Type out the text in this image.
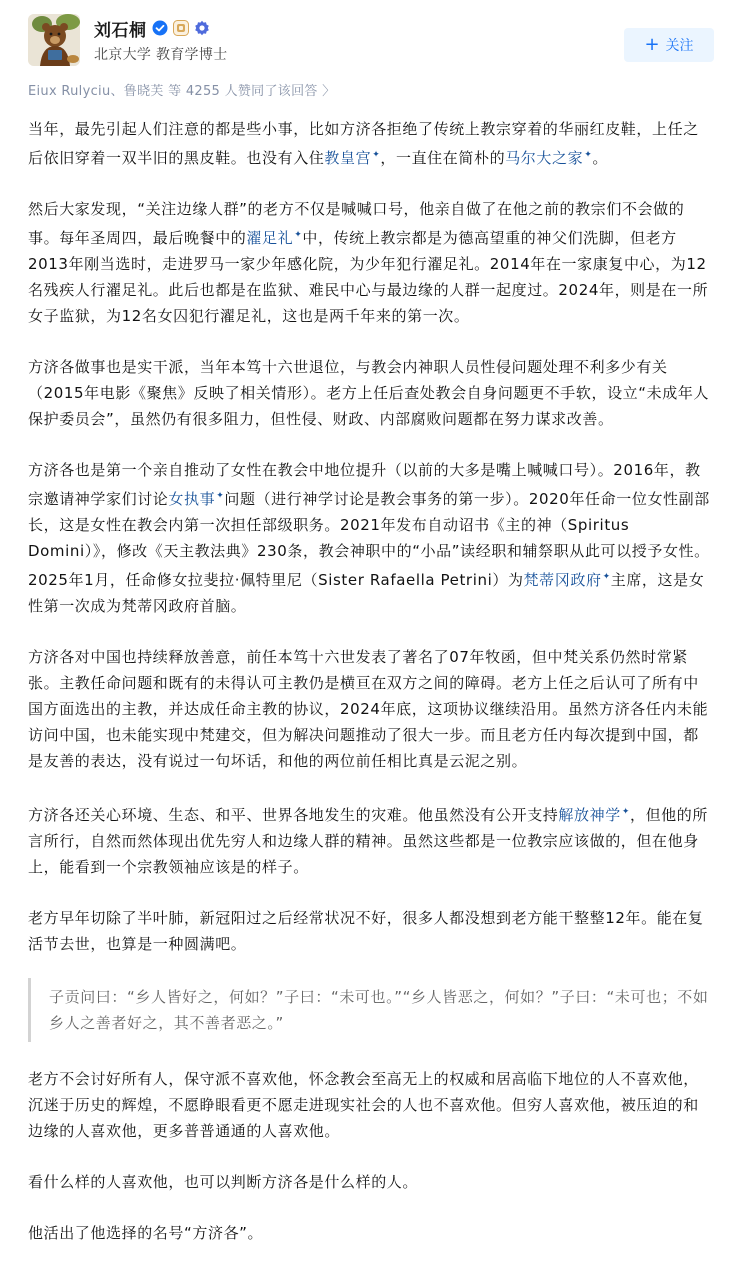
刘石桐
北京大学 教育学博士	+ 关注
Eiux Rulyciu、鲁晓芙 等 4255 人赞同了该回答 〉

当年，最先引起人们注意的都是些小事，比如方济各拒绝了传统上教宗穿着的华丽红皮鞋，上任之后依旧穿着一双半旧的黑皮鞋。也没有入住教皇宫✦，一直住在简朴的马尔大之家✦。

然后大家发现，“关注边缘人群”的老方不仅是喊喊口号，他亲自做了在他之前的教宗们不会做的事。每年圣周四，最后晚餐中的濯足礼✦中，传统上教宗都是为德高望重的神父们洗脚，但老方2013年刚当选时，走进罗马一家少年感化院，为少年犯行濯足礼。2014年在一家康复中心，为12名残疾人行濯足礼。此后也都是在监狱、难民中心与最边缘的人群一起度过。2024年，则是在一所女子监狱，为12名女囚犯行濯足礼，这也是两千年来的第一次。

方济各做事也是实干派，当年本笃十六世退位，与教会内神职人员性侵问题处理不利多少有关（2015年电影《聚焦》反映了相关情形）。老方上任后查处教会自身问题更不手软，设立“未成年人保护委员会”，虽然仍有很多阻力，但性侵、财政、内部腐败问题都在努力谋求改善。

方济各也是第一个亲自推动了女性在教会中地位提升（以前的大多是嘴上喊喊口号）。2016年，教宗邀请神学家们讨论女执事✦问题（进行神学讨论是教会事务的第一步）。2020年任命一位女性副部长，这是女性在教会内第一次担任部级职务。2021年发布自动诏书《主的神（Spiritus Domini）》，修改《天主教法典》230条，教会神职中的“小品”读经职和辅祭职从此可以授予女性。2025年1月，任命修女拉斐拉·佩特里尼（Sister Rafaella Petrini）为梵蒂冈政府✦主席，这是女性第一次成为梵蒂冈政府首脑。

方济各对中国也持续释放善意，前任本笃十六世发表了著名了07年牧函，但中梵关系仍然时常紧张。主教任命问题和既有的未得认可主教仍是横亘在双方之间的障碍。老方上任之后认可了所有中国方面选出的主教，并达成任命主教的协议，2024年底，这项协议继续沿用。虽然方济各任内未能访问中国，也未能实现中梵建交，但为解决问题推动了很大一步。而且老方任内每次提到中国，都是友善的表达，没有说过一句坏话，和他的两位前任相比真是云泥之别。

方济各还关心环境、生态、和平、世界各地发生的灾难。他虽然没有公开支持解放神学✦，但他的所言所行，自然而然体现出优先穷人和边缘人群的精神。虽然这些都是一位教宗应该做的，但在他身上，能看到一个宗教领袖应该是的样子。

老方早年切除了半叶肺，新冠阳过之后经常状况不好，很多人都没想到老方能干整整12年。能在复活节去世，也算是一种圆满吧。

子贡问曰：“乡人皆好之，何如？”子曰：“未可也。”“乡人皆恶之，何如？”子曰：“未可也；不如乡人之善者好之，其不善者恶之。”

老方不会讨好所有人，保守派不喜欢他，怀念教会至高无上的权威和居高临下地位的人不喜欢他，沉迷于历史的辉煌，不愿睁眼看更不愿走进现实社会的人也不喜欢他。但穷人喜欢他，被压迫的和边缘的人喜欢他，更多普普通通的人喜欢他。

看什么样的人喜欢他，也可以判断方济各是什么样的人。

他活出了他选择的名号“方济各”。
